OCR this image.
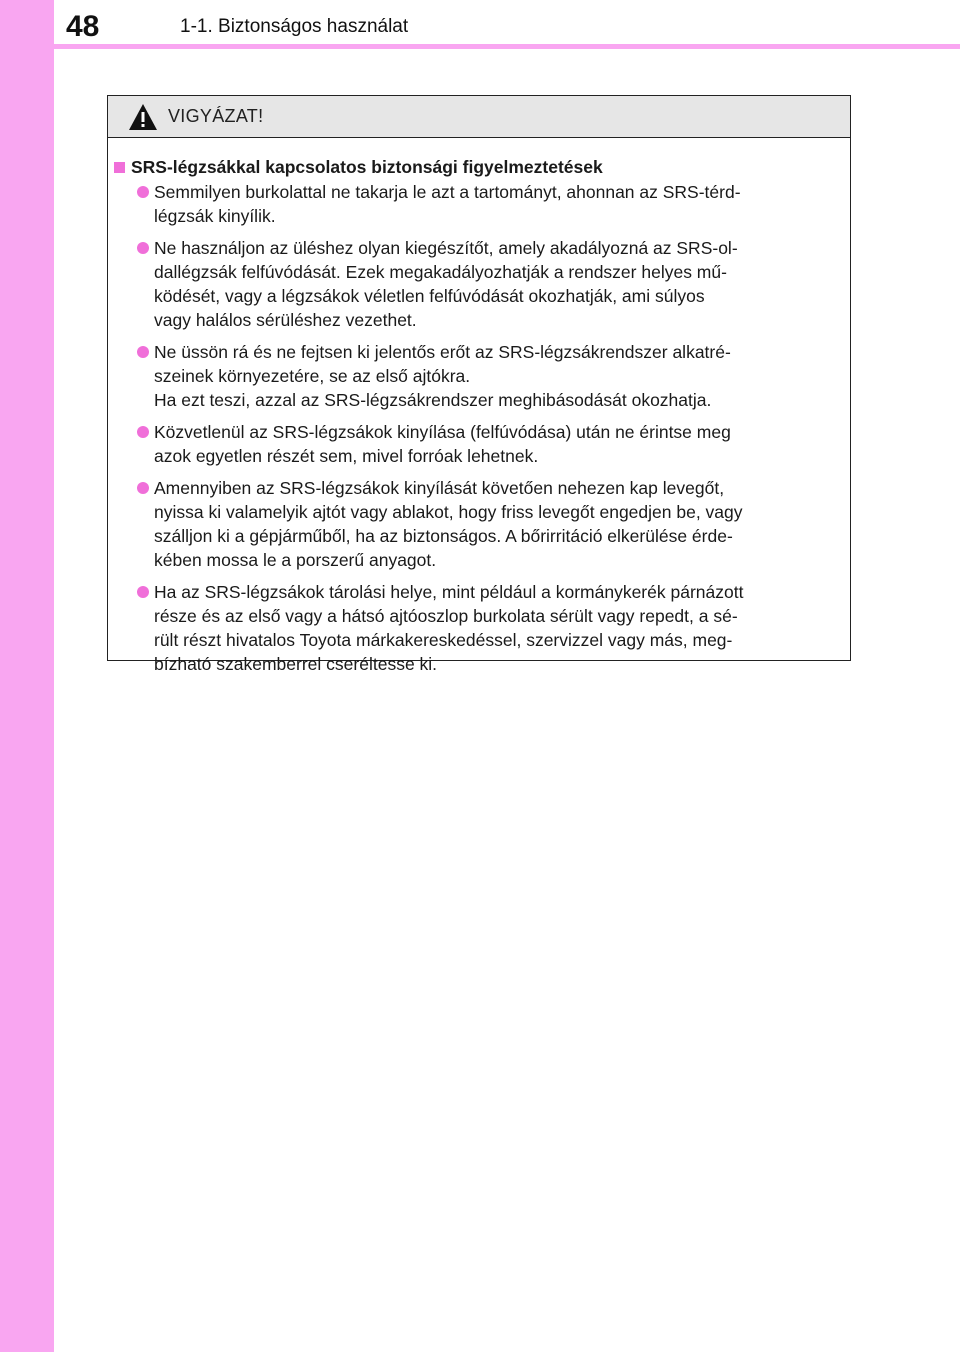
48	1-1. Biztonságos használat
VIGYÁZAT!
SRS-légzsákkal kapcsolatos biztonsági figyelmeztetések
Semmilyen burkolattal ne takarja le azt a tartományt, ahonnan az SRS-térd-
légzsák kinyílik.
Ne használjon az üléshez olyan kiegészítőt, amely akadályozná az SRS-ol-
dallégzsák felfúvódását. Ezek megakadályozhatják a rendszer helyes mű-
ködését, vagy a légzsákok véletlen felfúvódását okozhatják, ami súlyos
vagy halálos sérüléshez vezethet.
Ne üssön rá és ne fejtsen ki jelentős erőt az SRS-légzsákrendszer alkatré-
szeinek környezetére, se az első ajtókra.
Ha ezt teszi, azzal az SRS-légzsákrendszer meghibásodását okozhatja.
Közvetlenül az SRS-légzsákok kinyílása (felfúvódása) után ne érintse meg
azok egyetlen részét sem, mivel forróak lehetnek.
Amennyiben az SRS-légzsákok kinyílását követően nehezen kap levegőt,
nyissa ki valamelyik ajtót vagy ablakot, hogy friss levegőt engedjen be, vagy
szálljon ki a gépjárműből, ha az biztonságos. A bőrirritáció elkerülése érde-
kében mossa le a porszerű anyagot.
Ha az SRS-légzsákok tárolási helye, mint például a kormánykerék párnázott
része és az első vagy a hátsó ajtóoszlop burkolata sérült vagy repedt, a sé-
rült részt hivatalos Toyota márkakereskedéssel, szervizzel vagy más, meg-
bízható szakemberrel cseréltesse ki.
